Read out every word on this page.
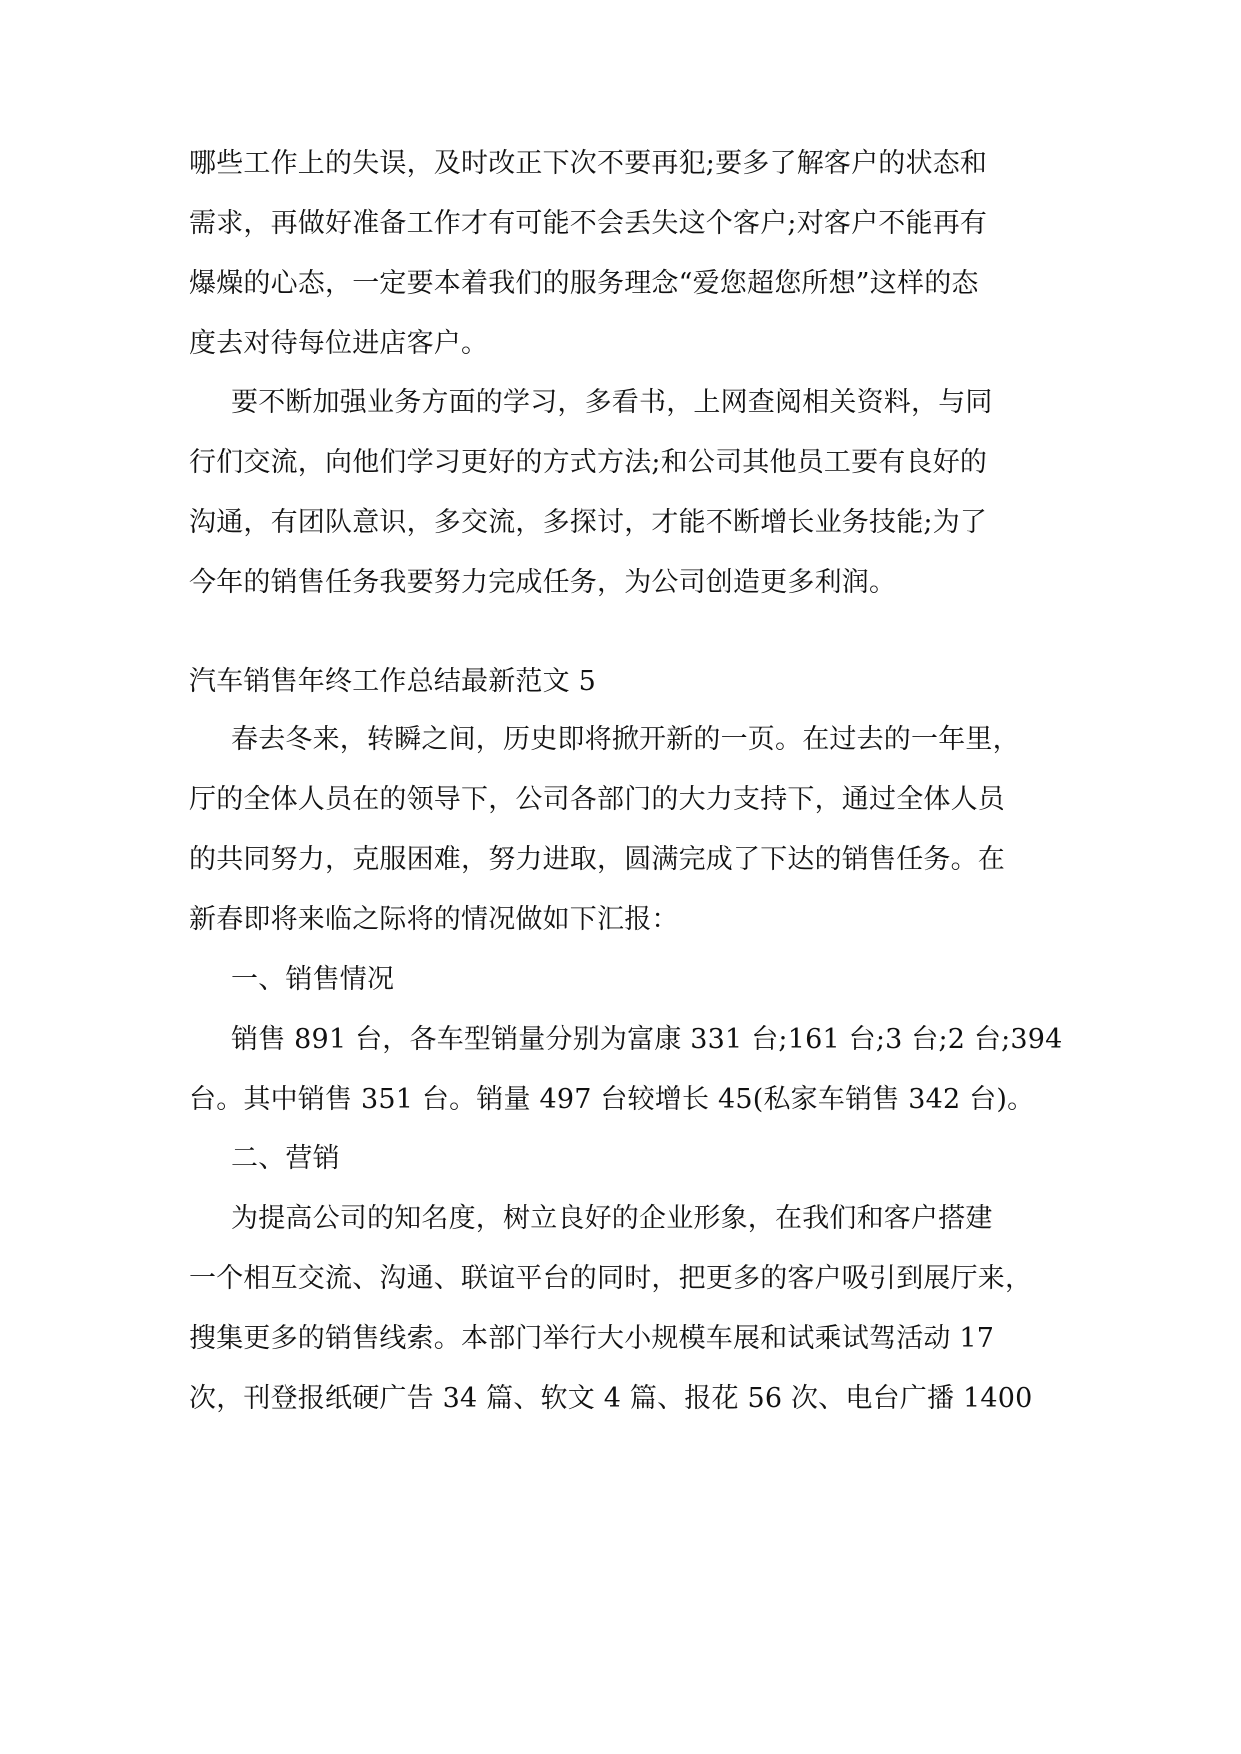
哪些工作上的失误，及时改正下次不要再犯;要多了解客户的状态和
需求，再做好准备工作才有可能不会丢失这个客户;对客户不能再有
爆燥的心态，一定要本着我们的服务理念“爱您超您所想”这样的态
度去对待每位进店客户。
要不断加强业务方面的学习，多看书，上网查阅相关资料，与同
行们交流，向他们学习更好的方式方法;和公司其他员工要有良好的
沟通，有团队意识，多交流，多探讨，才能不断增长业务技能;为了
今年的销售任务我要努力完成任务，为公司创造更多利润。
汽车销售年终工作总结最新范文 5
春去冬来，转瞬之间，历史即将掀开新的一页。在过去的一年里，
厅的全体人员在的领导下，公司各部门的大力支持下，通过全体人员
的共同努力，克服困难，努力进取，圆满完成了下达的销售任务。在
新春即将来临之际将的情况做如下汇报：
一、销售情况
销售 891 台，各车型销量分别为富康 331 台;161 台;3 台;2 台;394
台。其中销售 351 台。销量 497 台较增长 45(私家车销售 342 台)。
二、营销
为提高公司的知名度，树立良好的企业形象，在我们和客户搭建
一个相互交流、沟通、联谊平台的同时，把更多的客户吸引到展厅来，
搜集更多的销售线索。本部门举行大小规模车展和试乘试驾活动 17
次，刊登报纸硬广告 34 篇、软文 4 篇、报花 56 次、电台广播 1400
